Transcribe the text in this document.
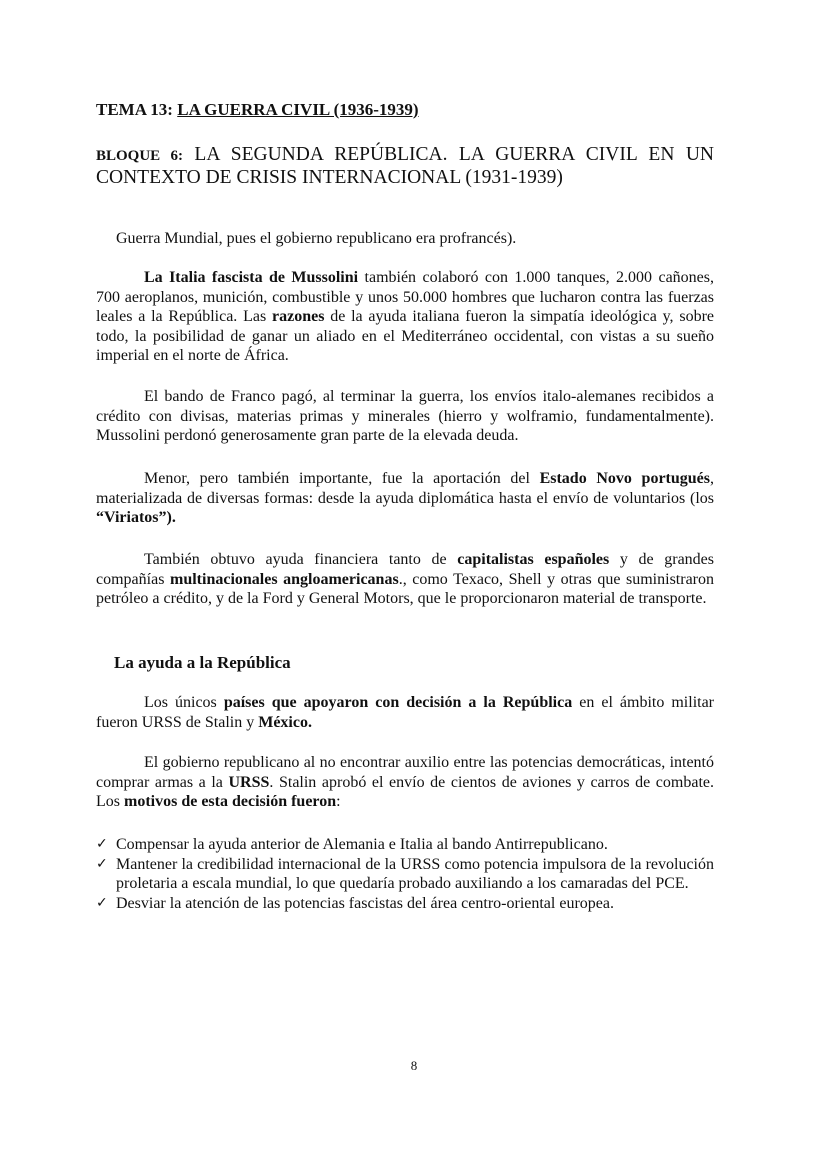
TEMA 13: LA GUERRA CIVIL (1936-1939)
BLOQUE 6: LA SEGUNDA REPÚBLICA. LA GUERRA CIVIL EN UN CONTEXTO DE CRISIS INTERNACIONAL (1931-1939)

Guerra Mundial, pues el gobierno republicano era profrancés).

La Italia fascista de Mussolini también colaboró con 1.000 tanques, 2.000 cañones, 700 aeroplanos, munición, combustible y unos 50.000 hombres que lucharon contra las fuerzas leales a la República. Las razones de la ayuda italiana fueron la simpatía ideológica y, sobre todo, la posibilidad de ganar un aliado en el Mediterráneo occidental, con vistas a su sueño imperial en el norte de África.

El bando de Franco pagó, al terminar la guerra, los envíos italo-alemanes recibidos a crédito con divisas, materias primas y minerales (hierro y wolframio, fundamentalmente). Mussolini perdonó generosamente gran parte de la elevada deuda.

Menor, pero también importante, fue la aportación del Estado Novo portugués, materializada de diversas formas: desde la ayuda diplomática hasta el envío de voluntarios (los “Viriatos”).

También obtuvo ayuda financiera tanto de capitalistas españoles y de grandes compañías multinacionales angloamericanas., como Texaco, Shell y otras que suministraron petróleo a crédito, y de la Ford y General Motors, que le proporcionaron material de transporte.

La ayuda a la República

Los únicos países que apoyaron con decisión a la República en el ámbito militar fueron URSS de Stalin y México.

El gobierno republicano al no encontrar auxilio entre las potencias democráticas, intentó comprar armas a la URSS. Stalin aprobó el envío de cientos de aviones y carros de combate. Los motivos de esta decisión fueron:

✓ Compensar la ayuda anterior de Alemania e Italia al bando Antirrepublicano.
✓ Mantener la credibilidad internacional de la URSS como potencia impulsora de la revolución proletaria a escala mundial, lo que quedaría probado auxiliando a los camaradas del PCE.
✓ Desviar la atención de las potencias fascistas del área centro-oriental europea.
8
